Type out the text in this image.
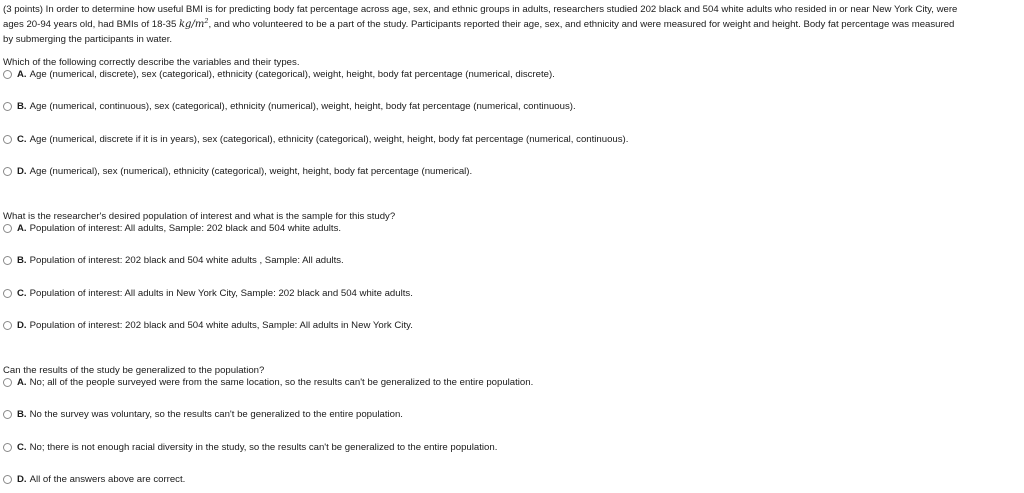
(3 points) In order to determine how useful BMI is for predicting body fat percentage across age, sex, and ethnic groups in adults, researchers studied 202 black and 504 white adults who resided in or near New York City, were
ages 20-94 years old, had BMIs of 18-35 $kg/m^2$, and who volunteered to be a part of the study. Participants reported their age, sex, and ethnicity and were measured for weight and height. Body fat percentage was measured
by submerging the participants in water.
Which of the following correctly describe the variables and their types.
A. Age (numerical, discrete), sex (categorical), ethnicity (categorical), weight, height, body fat percentage (numerical, discrete).
B. Age (numerical, continuous), sex (categorical), ethnicity (numerical), weight, height, body fat percentage (numerical, continuous).
C. Age (numerical, discrete if it is in years), sex (categorical), ethnicity (categorical), weight, height, body fat percentage (numerical, continuous).
D. Age (numerical), sex (numerical), ethnicity (categorical), weight, height, body fat percentage (numerical).
What is the researcher's desired population of interest and what is the sample for this study?
A. Population of interest: All adults, Sample: 202 black and 504 white adults.
B. Population of interest: 202 black and 504 white adults , Sample: All adults.
C. Population of interest: All adults in New York City, Sample: 202 black and 504 white adults.
D. Population of interest: 202 black and 504 white adults, Sample: All adults in New York City.
Can the results of the study be generalized to the population?
A. No; all of the people surveyed were from the same location, so the results can't be generalized to the entire population.
B. No the survey was voluntary, so the results can't be generalized to the entire population.
C. No; there is not enough racial diversity in the study, so the results can't be generalized to the entire population.
D. All of the answers above are correct.
